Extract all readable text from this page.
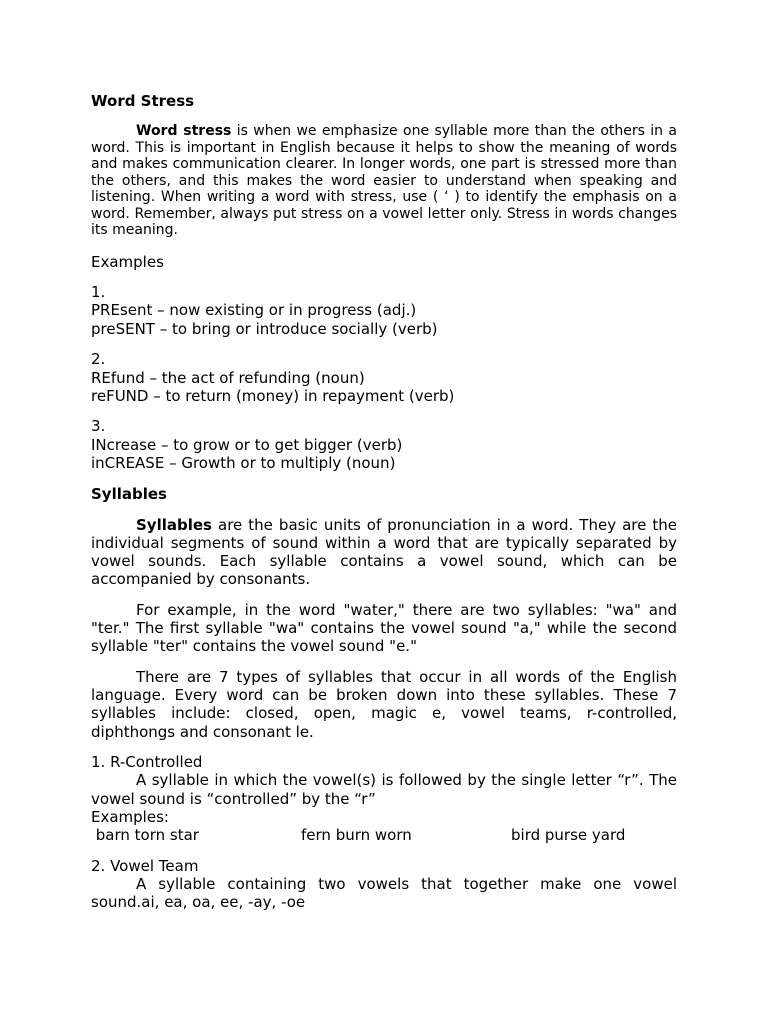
Word Stress

Word stress is when we emphasize one syllable more than the others in a word. This is important in English because it helps to show the meaning of words and makes communication clearer. In longer words, one part is stressed more than the others, and this makes the word easier to understand when speaking and listening. When writing a word with stress, use ( ‘ ) to identify the emphasis on a word. Remember, always put stress on a vowel letter only. Stress in words changes its meaning.

Examples

1.

PREsent – now existing or in progress (adj.)

preSENT – to bring or introduce socially (verb)

2.

REfund – the act of refunding (noun)

reFUND – to return (money) in repayment (verb)

3.

INcrease – to grow or to get bigger (verb)

inCREASE – Growth or to multiply (noun)

Syllables

Syllables are the basic units of pronunciation in a word. They are the individual segments of sound within a word that are typically separated by vowel sounds. Each syllable contains a vowel sound, which can be accompanied by consonants.

For example, in the word "water," there are two syllables: "wa" and "ter." The first syllable "wa" contains the vowel sound "a," while the second syllable "ter" contains the vowel sound "e."

There are 7 types of syllables that occur in all words of the English language. Every word can be broken down into these syllables. These 7 syllables include: closed, open, magic e, vowel teams, r-controlled, diphthongs and consonant le.

1. R-Controlled

A syllable in which the vowel(s) is followed by the single letter “r”. The vowel sound is “controlled” by the “r”

Examples:

barn torn star	fern burn worn	bird purse yard

2. Vowel Team

A syllable containing two vowels that together make one vowel sound.ai, ea, oa, ee, -ay, -oe
